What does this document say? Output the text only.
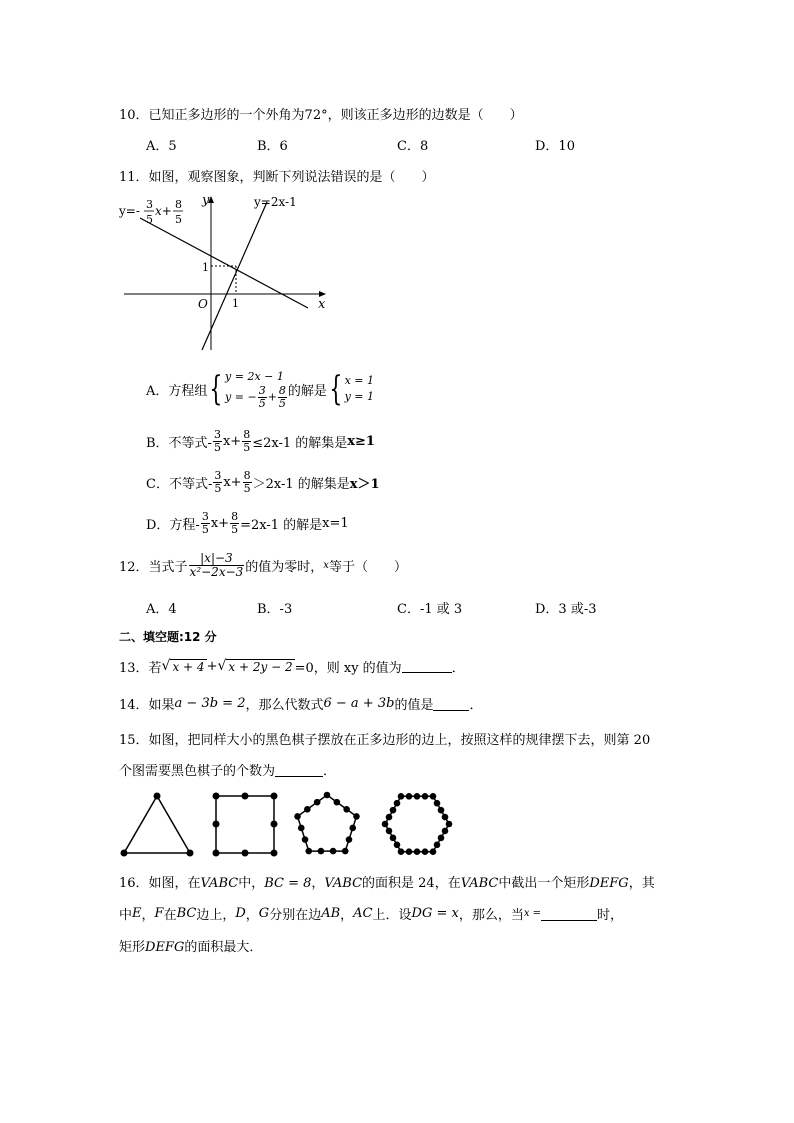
10．已知正多边形的一个外角为72°，则该正多边形的边数是（　　）
A．5	B．6	C．8	D．10
11．如图，观察图象，判断下列说法错误的是（　　）
y
x
O 1
1
y=2x-1
y=- 3
5
x+ 8
5
A．方程组 { y = 2x − 1
y = − $\frac{3}{5} + \frac{8}{5}$ 的解是 { x = 1
y = 1
B．不等式- $\frac{3}{5} x+ \frac{8}{5} \le 2x-1$ 的解集是 x≥1
C．不等式- $\frac{3}{5} x+ \frac{8}{5} >2x-1$ 的解集是 x＞1
D．方程- $\frac{3}{5} x+ \frac{8}{5} =2x-1$ 的解是 x=1
12．当式子 $\frac{|x|-3}{\text{x²−2x−3}}$ 的值为零时， x 等于（　　）
A．4	B．-3	C．-1 或 3	D．3 或-3
二、填空题:12 分
13．若 √ x + 4 + √ x + 2y − 2 =0，则 xy 的值为	．
14．如果 a − 3b = 2 ，那么代数式 6 − a + 3b 的值是	．
15．如图，把同样大小的黑色棋子摆放在正多边形的边上，按照这样的规律摆下去，则第 20
个图需要黑色棋子的个数为	．
16．如图，在VABC中，BC = 8，VABC的面积是 24，在VABC中截出一个矩形DEFG，其
中 E ， F 在 BC 边上， D ， G 分别在边 AB ， AC 上．设 DG = x ，那么，当 x =	时，
矩形DEFG的面积最大．
